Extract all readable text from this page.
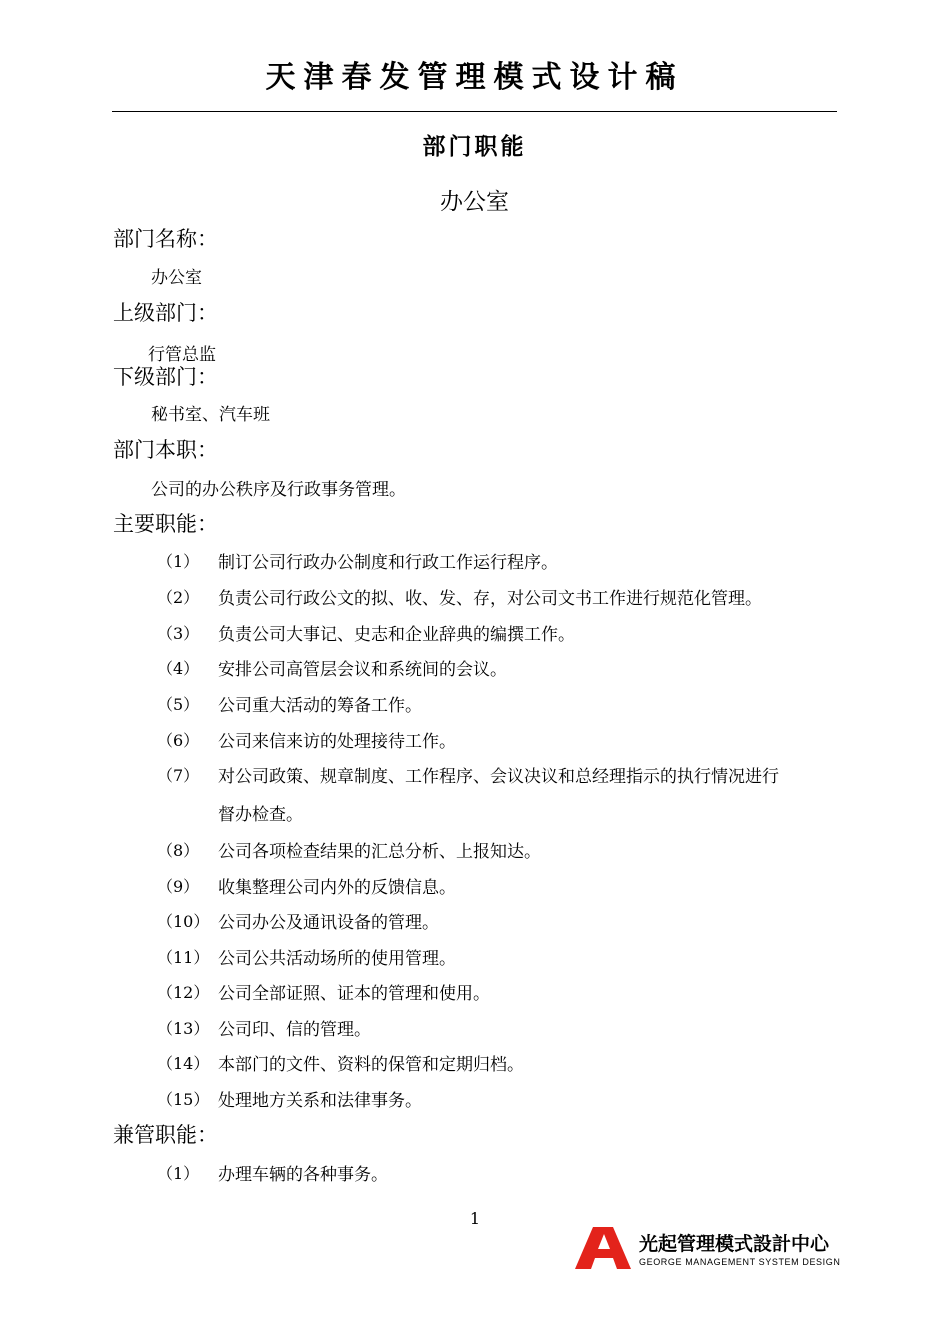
天津春发管理模式设计稿
部门职能
办公室
部门名称：
办公室
上级部门：
行管总监
下级部门：
秘书室、汽车班
部门本职：
公司的办公秩序及行政事务管理。
主要职能：
（1） 制订公司行政办公制度和行政工作运行程序。
（2） 负责公司行政公文的拟、收、发、存，对公司文书工作进行规范化管理。
（3） 负责公司大事记、史志和企业辞典的编撰工作。
（4） 安排公司高管层会议和系统间的会议。
（5） 公司重大活动的筹备工作。
（6） 公司来信来访的处理接待工作。
（7） 对公司政策、规章制度、工作程序、会议决议和总经理指示的执行情况进行
督办检查。
（8） 公司各项检查结果的汇总分析、上报知达。
（9） 收集整理公司内外的反馈信息。
（10） 公司办公及通讯设备的管理。
（11） 公司公共活动场所的使用管理。
（12） 公司全部证照、证本的管理和使用。
（13） 公司印、信的管理。
（14） 本部门的文件、资料的保管和定期归档。
（15） 处理地方关系和法律事务。
兼管职能：
（1） 办理车辆的各种事务。
1
光起管理模式設計中心
GEORGE MANAGEMENT SYSTEM DESIGN
